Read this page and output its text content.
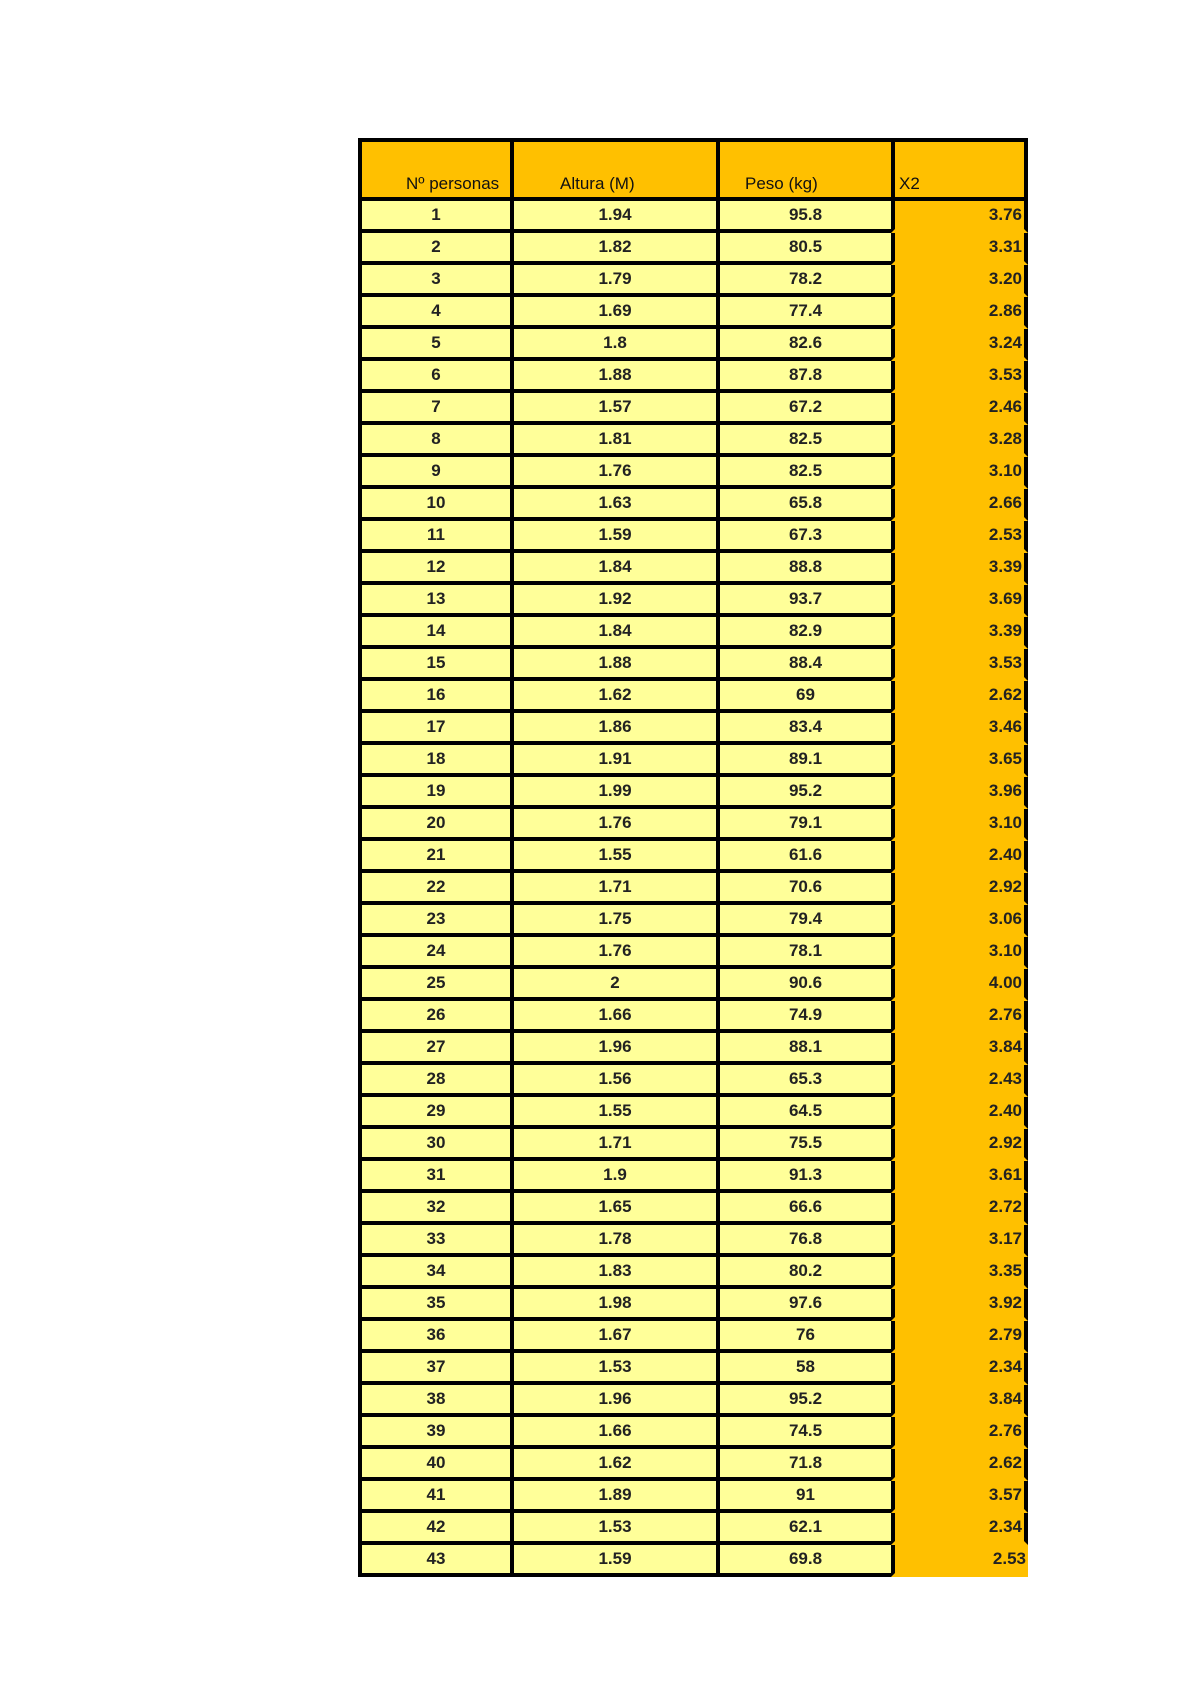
Nº personas	Altura (M)	Peso (kg)	X2
1	1.94	95.8	3.76
2	1.82	80.5	3.31
3	1.79	78.2	3.20
4	1.69	77.4	2.86
5	1.8	82.6	3.24
6	1.88	87.8	3.53
7	1.57	67.2	2.46
8	1.81	82.5	3.28
9	1.76	82.5	3.10
10	1.63	65.8	2.66
11	1.59	67.3	2.53
12	1.84	88.8	3.39
13	1.92	93.7	3.69
14	1.84	82.9	3.39
15	1.88	88.4	3.53
16	1.62	69	2.62
17	1.86	83.4	3.46
18	1.91	89.1	3.65
19	1.99	95.2	3.96
20	1.76	79.1	3.10
21	1.55	61.6	2.40
22	1.71	70.6	2.92
23	1.75	79.4	3.06
24	1.76	78.1	3.10
25	2	90.6	4.00
26	1.66	74.9	2.76
27	1.96	88.1	3.84
28	1.56	65.3	2.43
29	1.55	64.5	2.40
30	1.71	75.5	2.92
31	1.9	91.3	3.61
32	1.65	66.6	2.72
33	1.78	76.8	3.17
34	1.83	80.2	3.35
35	1.98	97.6	3.92
36	1.67	76	2.79
37	1.53	58	2.34
38	1.96	95.2	3.84
39	1.66	74.5	2.76
40	1.62	71.8	2.62
41	1.89	91	3.57
42	1.53	62.1	2.34
43	1.59	69.8	2.53
